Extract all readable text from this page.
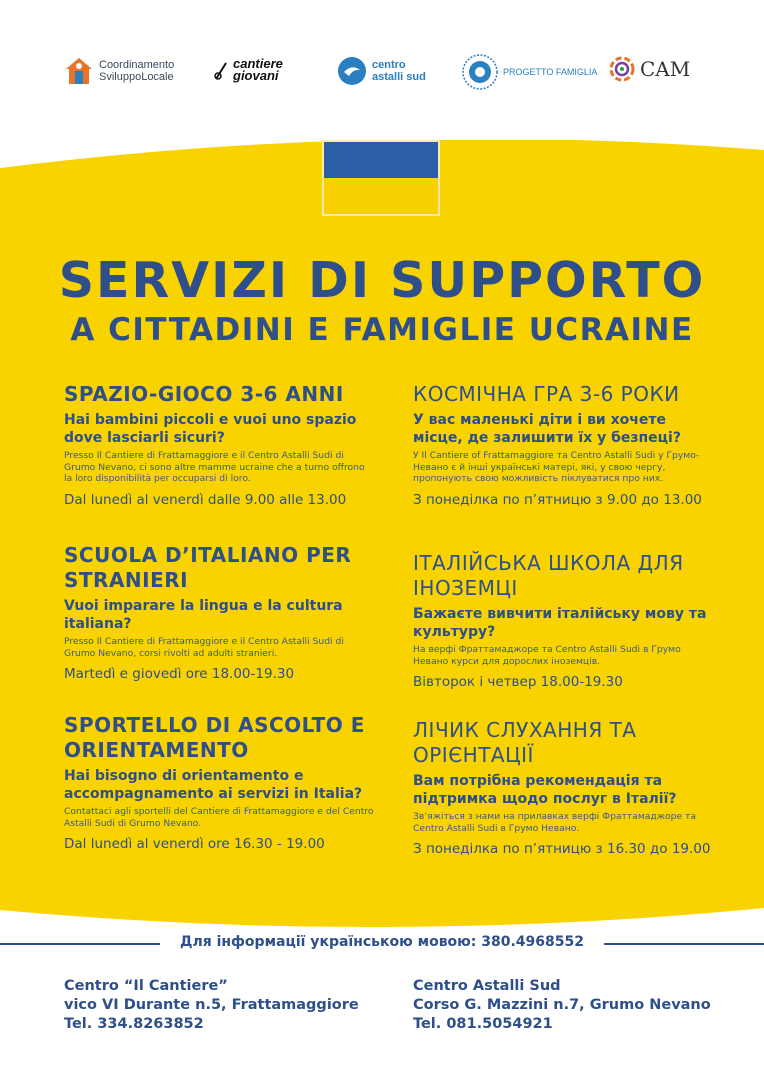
Coordinamento
SviluppoLocale
cantiere giovani
centro
astalli sud	PROGETTO FAMIGLIA CAM
SERVIZI DI SUPPORTO
A CITTADINI E FAMIGLIE UCRAINE
SPAZIO-GIOCO 3-6 ANNI
Hai bambini piccoli e vuoi uno spazio dove lasciarli sicuri?
Presso Il Cantiere di Frattamaggiore e il Centro Astalli Sudi di Grumo Nevano, ci sono altre mamme ucraine che a turno offrono la loro disponibilità per occuparsi di loro.
Dal lunedì al venerdì dalle 9.00 alle 13.00
SCUOLA D’ITALIANO PER STRANIERI
Vuoi imparare la lingua e la cultura italiana?
Presso Il Cantiere di Frattamaggiore e il Centro Astalli Sudi di Grumo Nevano, corsi rivolti ad adulti stranieri.
Martedì e giovedì ore 18.00-19.30
SPORTELLO DI ASCOLTO E ORIENTAMENTO
Hai bisogno di orientamento e accompagnamento ai servizi in Italia?
Contattaci agli sportelli del Cantiere di Frattamaggiore e del Centro Astalli Sudi di Grumo Nevano.
Dal lunedì al venerdì ore 16.30 - 19.00
КОСМІЧНА ГРА 3-6 РОКИ
У вас маленькі діти і ви хочете місце, де залишити їх у безпеці?
У Il Cantiere of Frattamaggiore та Centro Astalli Sudi у Грумо-Невано є й інші українські матері, які, у свою чергу, пропонують свою можливість піклуватися про них.
З понеділка по п’ятницю з 9.00 до 13.00
ІТАЛІЙСЬКА ШКОЛА ДЛЯ ІНОЗЕМЦІ
Бажаєте вивчити італійську мову та культуру?
На верфі Фраттамаджоре та Centro Astalli Sudi в Грумо Невано курси для дорослих іноземців.
Вівторок і четвер 18.00-19.30
ЛІЧИК СЛУХАННЯ ТА ОРІЄНТАЦІЇ
Вам потрібна рекомендація та підтримка щодо послуг в Італії?
Зв’яжіться з нами на прилавках верфі Фраттамаджоре та Centro Astalli Sudi в Грумо Невано.
З понеділка по п’ятницю з 16.30 до 19.00
Для інформації українською мовою: 380.4968552
Centro “Il Cantiere”
vico VI Durante n.5, Frattamaggiore
Tel. 334.8263852
Centro Astalli Sud
Corso G. Mazzini n.7, Grumo Nevano
Tel. 081.5054921
